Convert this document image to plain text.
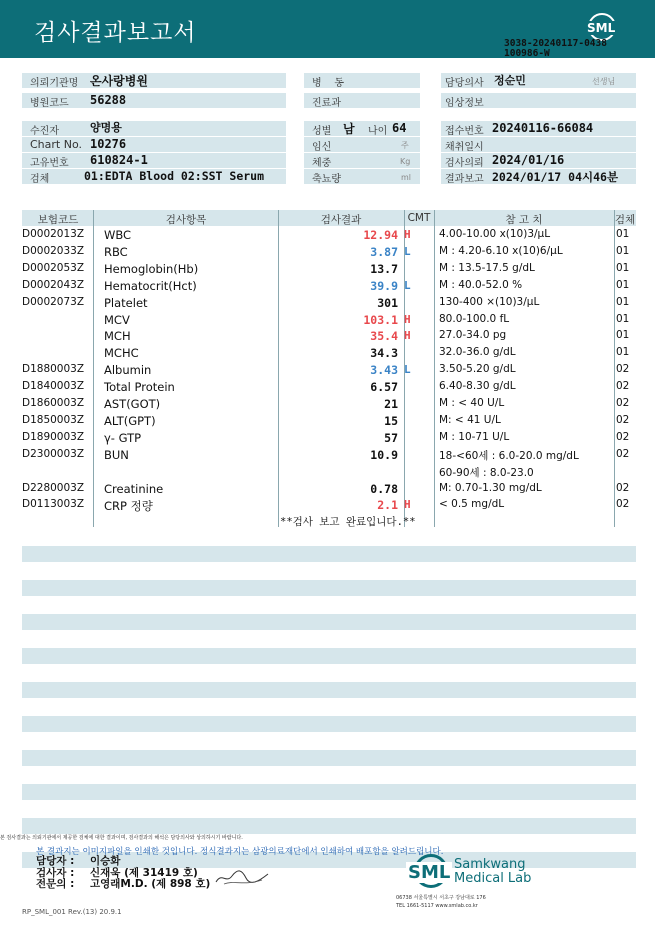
검사결과보고서	SML
3038-20240117-0438
100986-W
의뢰기관명 온사랑병원
병원코드 56288
병    동
진료과
담당의사 정순민	선생님
임상정보
수진자	양명용
Chart No. 10276
고유번호 610824-1
검체	01:EDTA Blood 02:SST Serum
성별 남 나이 64
임신	주
체중	Kg
축뇨량	ml
접수번호 20240116-66084
채취일시
검사의뢰 2024/01/16
결과보고 2024/01/17 04시46분
보험코드	검사항목	검사결과	CMT	참 고 치	검체
D0002013Z WBC	12.94 H	4.00-10.00 x(10)3/μL	01
D0002033Z RBC	3.87 L	M : 4.20-6.10 x(10)6/μL	01
D0002053Z Hemoglobin(Hb)	13.7	M : 13.5-17.5 g/dL	01
D0002043Z Hematocrit(Hct)	39.9 L	M : 40.0-52.0 %	01
D0002073Z Platelet	301	130-400 ×(10)3/μL	01
MCV	103.1 H	80.0-100.0 fL	01
MCH	35.4 H	27.0-34.0 pg	01
MCHC	34.3	32.0-36.0 g/dL	01
D1880003Z Albumin	3.43 L	3.50-5.20 g/dL	02
D1840003Z Total Protein	6.57	6.40-8.30 g/dL	02
D1860003Z AST(GOT)	21	M : < 40 U/L	02
D1850003Z ALT(GPT)	15	M: < 41 U/L	02
D1890003Z γ- GTP	57	M : 10-71 U/L	02
D2300003Z BUN	10.9	18-<60세 : 6.0-20.0 mg/dL	02
60-90세 : 8.0-23.0
D2280003Z Creatinine	0.78	M: 0.70-1.30 mg/dL	02
D0113003Z CRP 정량	2.1 H	< 0.5 mg/dL	02
**검사 보고 완료입니다.**
본 검사결과는 의뢰기관에서 제공한 검체에 대한 결과이며, 검사결과의 해석은 담당의사와 상의하시기 바랍니다.
본 결과지는 이미지파일을 인쇄한 것입니다. 정식결과지는 삼광의료재단에서 인쇄하여 배포함을 알려드립니다.
담당자 : 이승화
검사자 : 신재욱 (제 31419 호)
전문의 : 고영래M.D. (제 898 호)
SML Samkwang
Medical Lab
06738 서울특별시 서초구 강남대로 176
TEL 1661-5117 www.smlab.co.kr
RP_SML_001 Rev.(13) 20.9.1
